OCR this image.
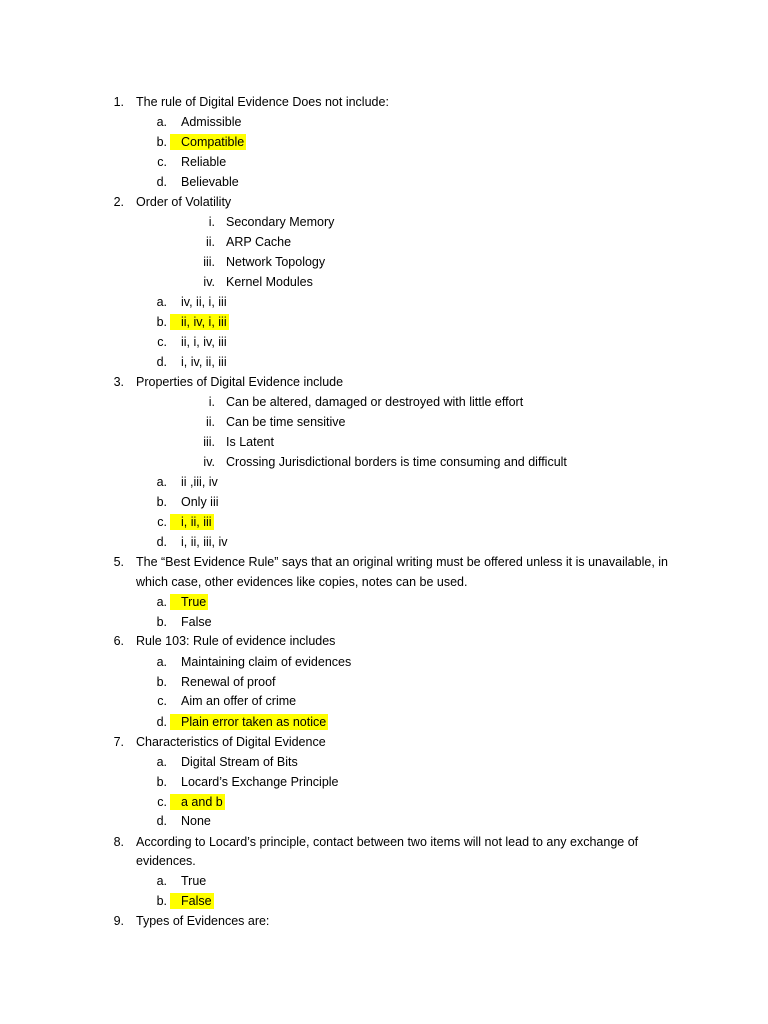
1. The rule of Digital Evidence Does not include:
a. Admissible
b.	Compatible
c. Reliable
d. Believable
2. Order of Volatility
i. Secondary Memory
ii. ARP Cache
iii. Network Topology
iv. Kernel Modules
a. iv, ii, i, iii
b.	ii, iv, i, iii
c. ii, i, iv, iii
d. i, iv, ii, iii
3. Properties of Digital Evidence include
i. Can be altered, damaged or destroyed with little effort
ii. Can be time sensitive
iii. Is Latent
iv. Crossing Jurisdictional borders is time consuming and difficult
a. ii ,iii, iv
b. Only iii
c.	i, ii, iii
d. i, ii, iii, iv
5. The “Best Evidence Rule” says that an original writing must be offered unless it is unavailable, in
which case, other evidences like copies, notes can be used.
a.	True
b. False
6. Rule 103: Rule of evidence includes
a. Maintaining claim of evidences
b. Renewal of proof
c. Aim an offer of crime
d.	Plain error taken as notice
7. Characteristics of Digital Evidence
a. Digital Stream of Bits
b. Locard’s Exchange Principle
c.	a and b
d. None
8. According to Locard’s principle, contact between two items will not lead to any exchange of
evidences.
a. True
b.	False
9. Types of Evidences are:
